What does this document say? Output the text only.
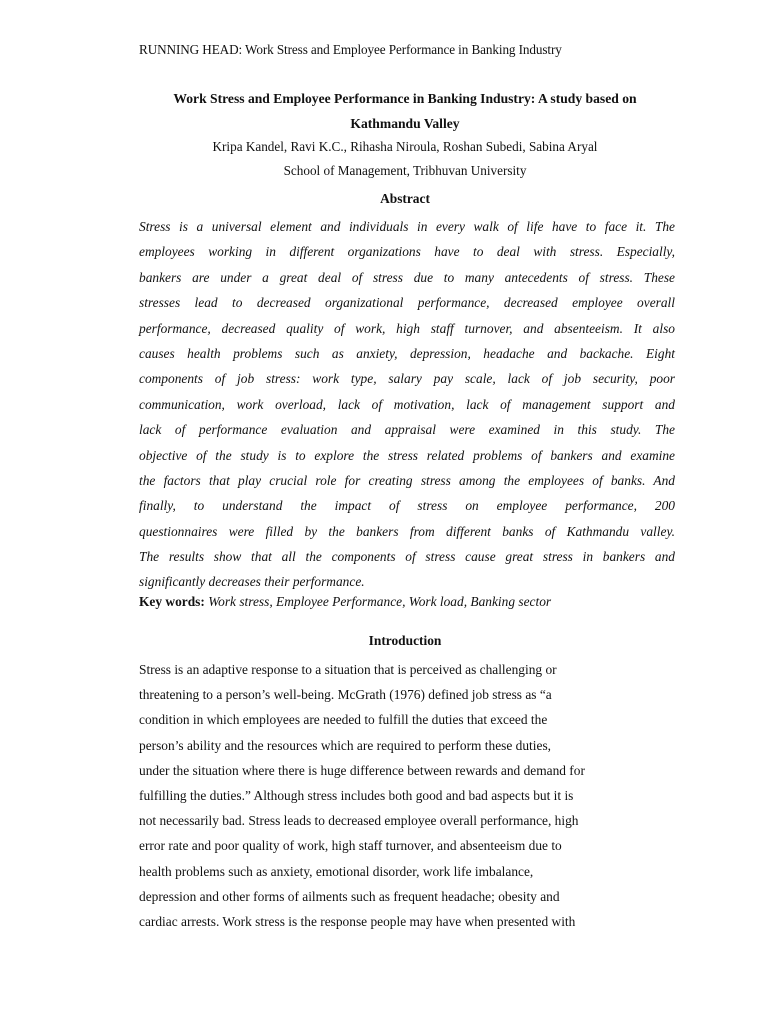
RUNNING HEAD: Work Stress and Employee Performance in Banking Industry
Work Stress and Employee Performance in Banking Industry: A study based on
Kathmandu Valley
Kripa Kandel, Ravi K.C., Rihasha Niroula, Roshan Subedi, Sabina Aryal
School of Management, Tribhuvan University
Abstract
Stress is a universal element and individuals in every walk of life have to face it. The
employees working in different organizations have to deal with stress. Especially,
bankers are under a great deal of stress due to many antecedents of stress. These
stresses lead to decreased organizational performance, decreased employee overall
performance, decreased quality of work, high staff turnover, and absenteeism. It also
causes health problems such as anxiety, depression, headache and backache. Eight
components of job stress: work type, salary pay scale, lack of job security, poor
communication, work overload, lack of motivation, lack of management support and
lack of performance evaluation and appraisal were examined in this study. The
objective of the study is to explore the stress related problems of bankers and examine
the factors that play crucial role for creating stress among the employees of banks. And
finally, to understand the impact of stress on employee performance, 200
questionnaires were filled by the bankers from different banks of Kathmandu valley.
The results show that all the components of stress cause great stress in bankers and
significantly decreases their performance.
Key words: Work stress, Employee Performance, Work load, Banking sector
Introduction
Stress is an adaptive response to a situation that is perceived as challenging or
threatening to a person’s well-being. McGrath (1976) defined job stress as “a
condition in which employees are needed to fulfill the duties that exceed the
person’s ability and the resources which are required to perform these duties,
under the situation where there is huge difference between rewards and demand for
fulfilling the duties.” Although stress includes both good and bad aspects but it is
not necessarily bad. Stress leads to decreased employee overall performance, high
error rate and poor quality of work, high staff turnover, and absenteeism due to
health problems such as anxiety, emotional disorder, work life imbalance,
depression and other forms of ailments such as frequent headache; obesity and
cardiac arrests. Work stress is the response people may have when presented with
